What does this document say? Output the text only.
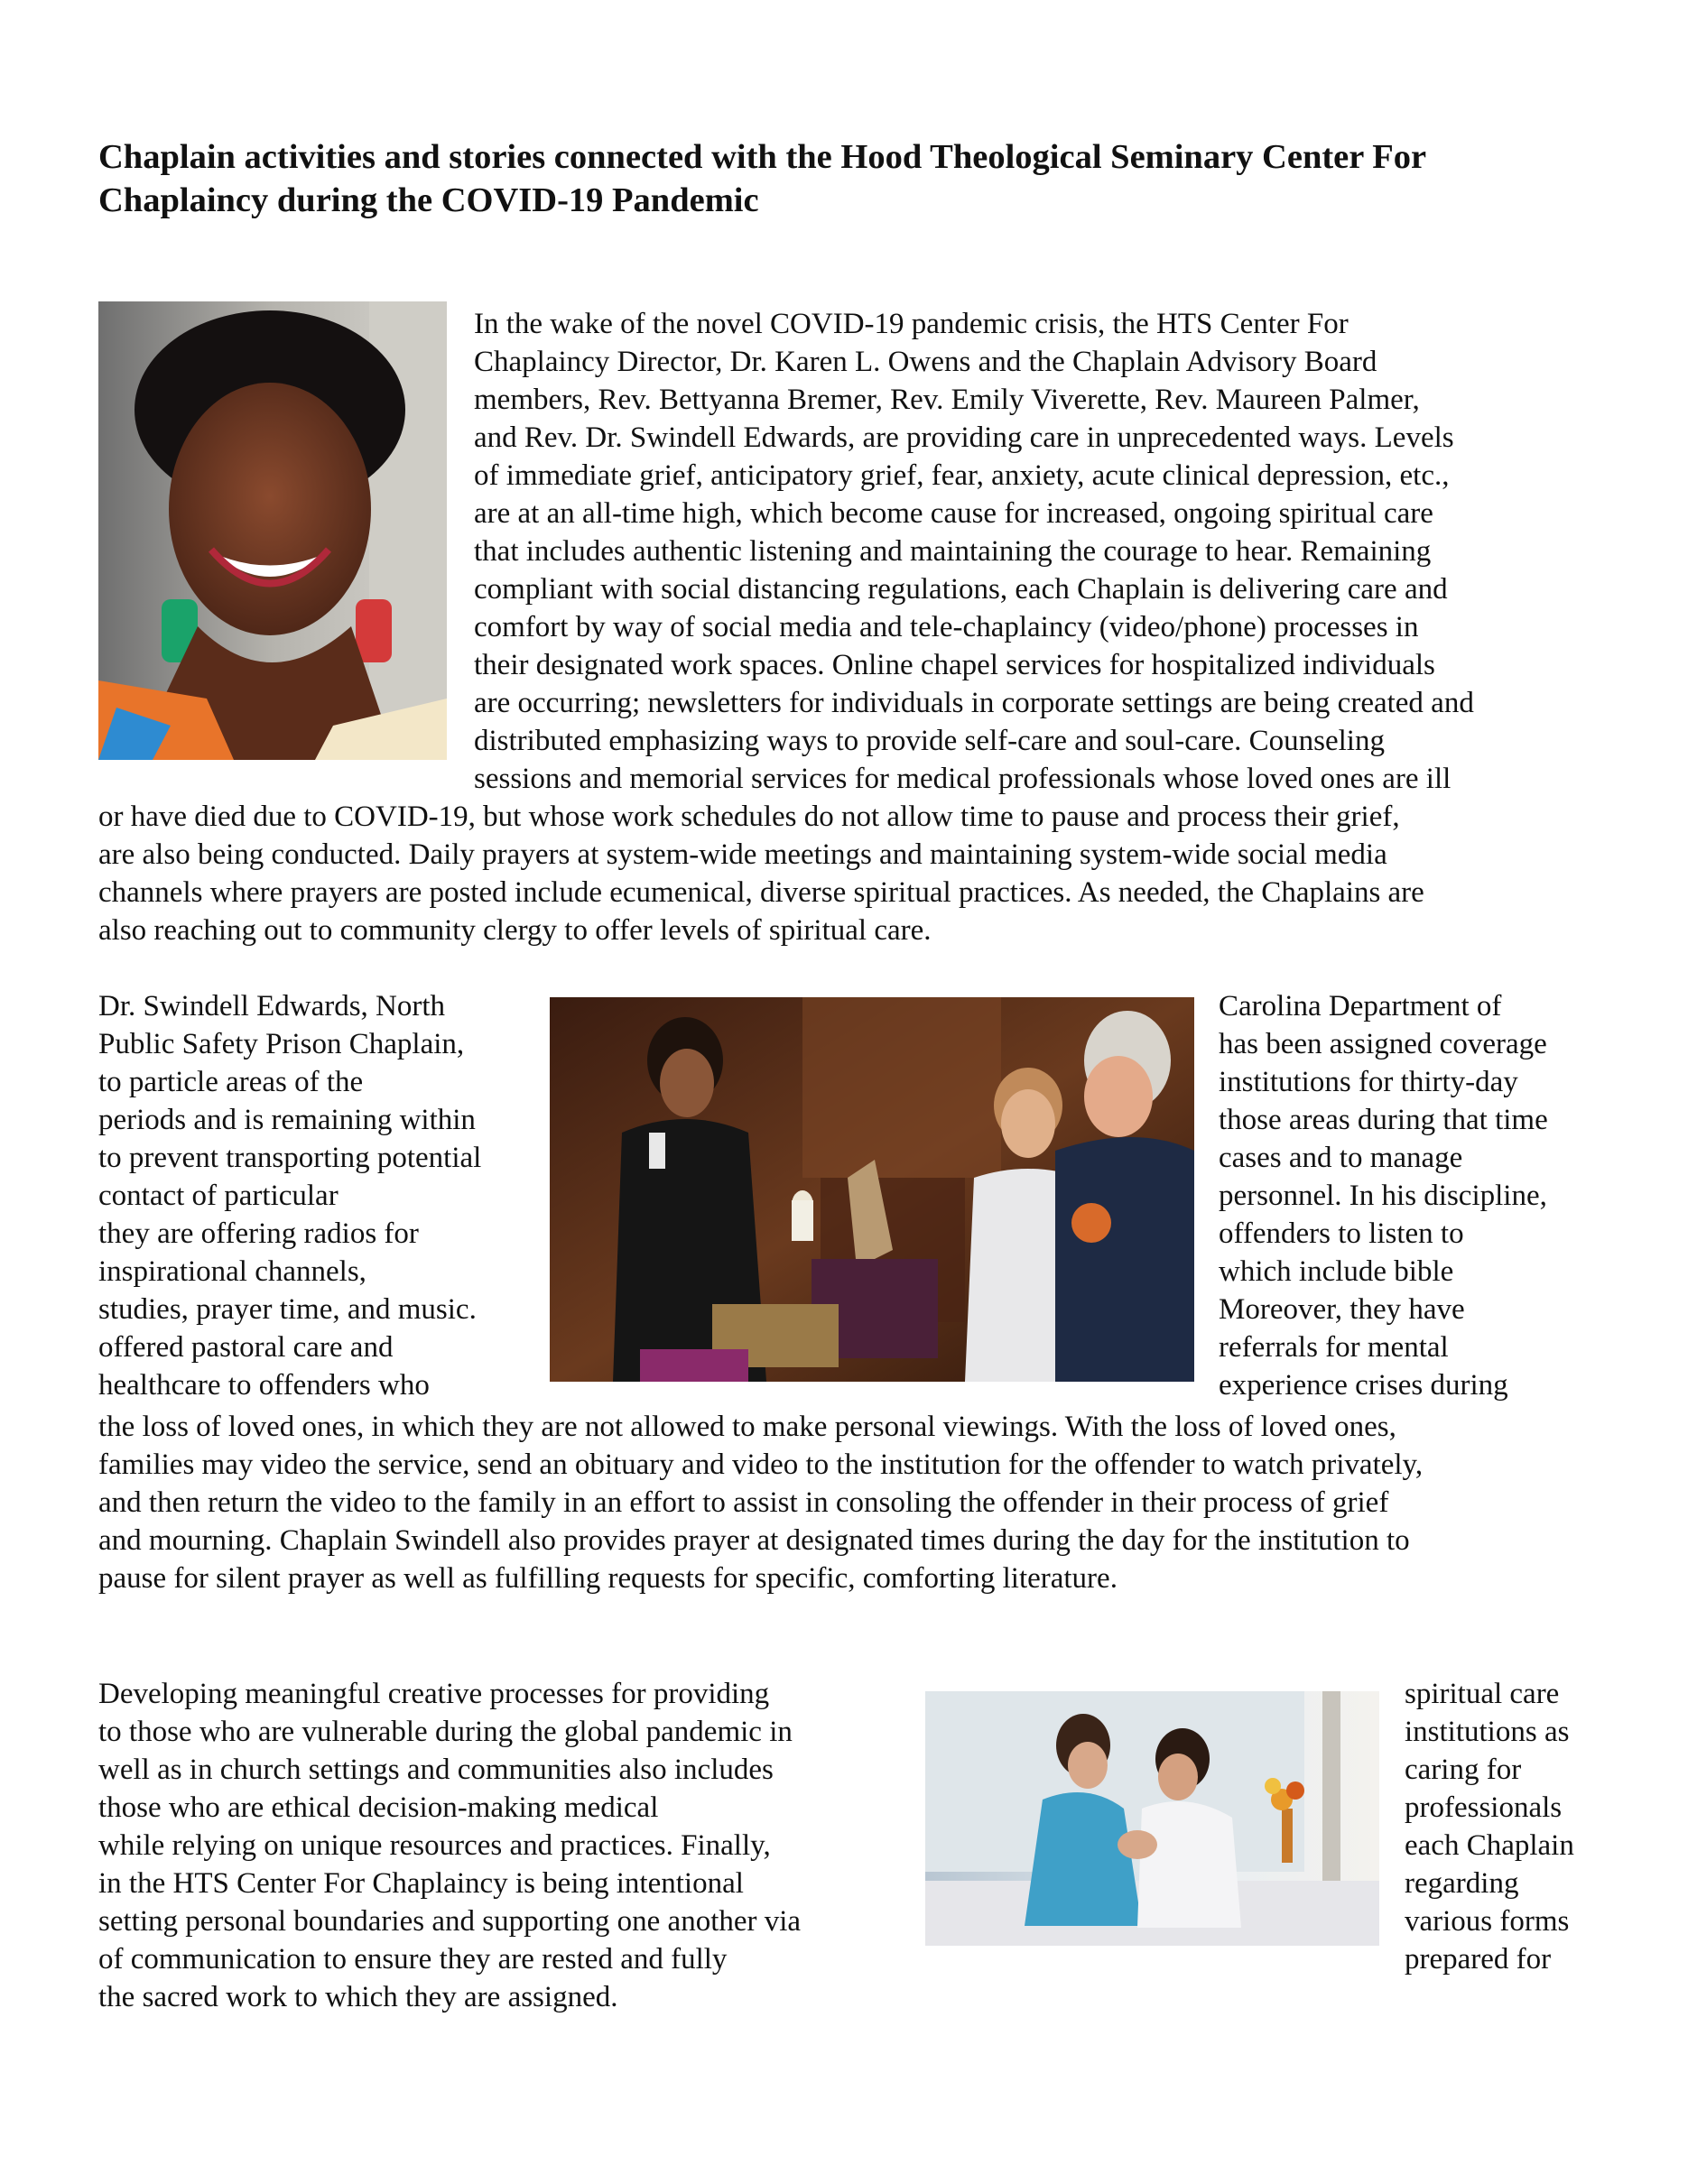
Chaplain activities and stories connected with the Hood Theological Seminary Center For
Chaplaincy during the COVID-19 Pandemic
In the wake of the novel COVID-19 pandemic crisis, the HTS Center For
Chaplaincy Director, Dr. Karen L. Owens and the Chaplain Advisory Board
members, Rev. Bettyanna Bremer, Rev. Emily Viverette, Rev. Maureen Palmer,
and Rev. Dr. Swindell Edwards, are providing care in unprecedented ways. Levels
of immediate grief, anticipatory grief, fear, anxiety, acute clinical depression, etc.,
are at an all-time high, which become cause for increased, ongoing spiritual care
that includes authentic listening and maintaining the courage to hear. Remaining
compliant with social distancing regulations, each Chaplain is delivering care and
comfort by way of social media and tele-chaplaincy (video/phone) processes in
their designated work spaces. Online chapel services for hospitalized individuals
are occurring; newsletters for individuals in corporate settings are being created and
distributed emphasizing ways to provide self-care and soul-care. Counseling
sessions and memorial services for medical professionals whose loved ones are ill
or have died due to COVID-19, but whose work schedules do not allow time to pause and process their grief,
are also being conducted. Daily prayers at system-wide meetings and maintaining system-wide social media
channels where prayers are posted include ecumenical, diverse spiritual practices. As needed, the Chaplains are
also reaching out to community clergy to offer levels of spiritual care.
Dr. Swindell Edwards, North
Public Safety Prison Chaplain,
to particle areas of the
periods and is remaining within
to prevent transporting potential
contact of particular
they are offering radios for
inspirational channels,
studies, prayer time, and music.
offered pastoral care and
healthcare to offenders who
Carolina Department of
has been assigned coverage
institutions for thirty-day
those areas during that time
cases and to manage
personnel. In his discipline,
offenders to listen to
which include bible
Moreover, they have
referrals for mental
experience crises during
the loss of loved ones, in which they are not allowed to make personal viewings. With the loss of loved ones,
families may video the service, send an obituary and video to the institution for the offender to watch privately,
and then return the video to the family in an effort to assist in consoling the offender in their process of grief
and mourning. Chaplain Swindell also provides prayer at designated times during the day for the institution to
pause for silent prayer as well as fulfilling requests for specific, comforting literature.
Developing meaningful creative processes for providing
to those who are vulnerable during the global pandemic in
well as in church settings and communities also includes
those who are ethical decision-making medical
while relying on unique resources and practices. Finally,
in the HTS Center For Chaplaincy is being intentional
setting personal boundaries and supporting one another via
of communication to ensure they are rested and fully
the sacred work to which they are assigned.
spiritual care
institutions as
caring for
professionals
each Chaplain
regarding
various forms
prepared for
